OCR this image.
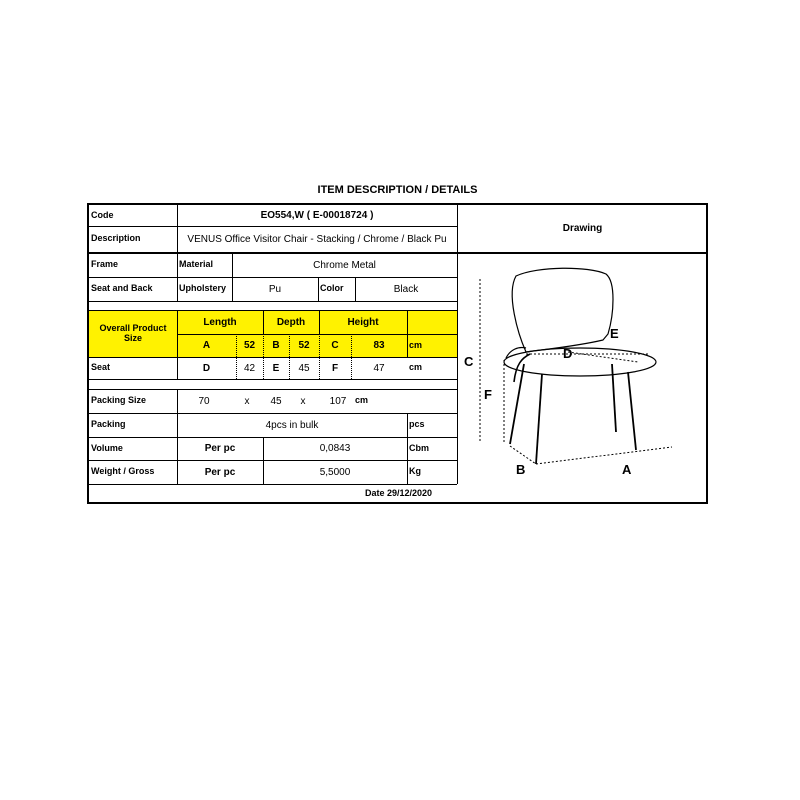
ITEM DESCRIPTION / DETAILS
Code	EO554,W ( E-00018724 )
Description	VENUS Office Visitor Chair - Stacking / Chrome / Black Pu
Drawing
Frame	Material	Chrome Metal
Seat and Back	Upholstery	Pu	Color	Black
Overall Product
Size
Length	Depth	Height
A	52	B	52	C	83	cm
Seat	D	42	E	45	F	47	cm
Packing Size	70	x	45	x	107 cm
Packing	4pcs in bulk	pcs
Volume	Per pc	0,0843	Cbm
Weight / Gross	Per pc	5,5000	Kg
Date 29/12/2020
C
F
D
E
B	A
